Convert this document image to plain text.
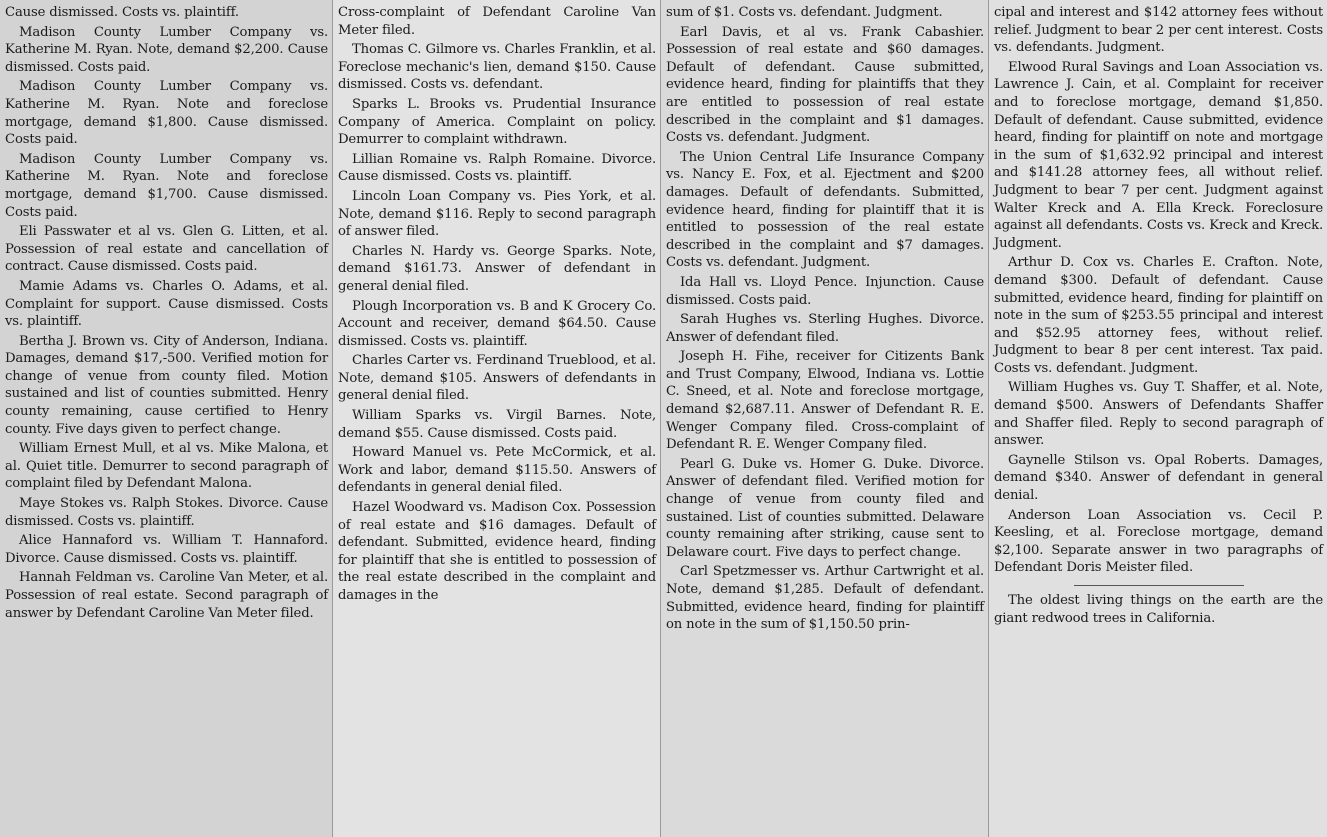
Cause dismissed. Costs vs. plaintiff.

Madison County Lumber Company vs. Katherine M. Ryan. Note, demand $2,200. Cause dismissed. Costs paid.

Madison County Lumber Company vs. Katherine M. Ryan. Note and foreclose mortgage, demand $1,800. Cause dismissed. Costs paid.

Madison County Lumber Company vs. Katherine M. Ryan. Note and foreclose mortgage, demand $1,700. Cause dismissed. Costs paid.

Eli Passwater et al vs. Glen G. Litten, et al. Possession of real estate and cancellation of contract. Cause dismissed. Costs paid.

Mamie Adams vs. Charles O. Adams, et al. Complaint for support. Cause dismissed. Costs vs. plaintiff.

Bertha J. Brown vs. City of Anderson, Indiana. Damages, demand $17,-500. Verified motion for change of venue from county filed. Motion sustained and list of counties submitted. Henry county remaining, cause certified to Henry county. Five days given to perfect change.

William Ernest Mull, et al vs. Mike Malona, et al. Quiet title. Demurrer to second paragraph of complaint filed by Defendant Malona.

Maye Stokes vs. Ralph Stokes. Divorce. Cause dismissed. Costs vs. plaintiff.

Alice Hannaford vs. William T. Hannaford. Divorce. Cause dismissed. Costs vs. plaintiff.

Hannah Feldman vs. Caroline Van Meter, et al. Possession of real estate. Second paragraph of answer by Defendant Caroline Van Meter filed.

Cross-complaint of Defendant Caroline Van Meter filed.

Thomas C. Gilmore vs. Charles Franklin, et al. Foreclose mechanic's lien, demand $150. Cause dismissed. Costs vs. defendant.

Sparks L. Brooks vs. Prudential Insurance Company of America. Complaint on policy. Demurrer to complaint withdrawn.

Lillian Romaine vs. Ralph Romaine. Divorce. Cause dismissed. Costs vs. plaintiff.

Lincoln Loan Company vs. Pies York, et al. Note, demand $116. Reply to second paragraph of answer filed.

Charles N. Hardy vs. George Sparks. Note, demand $161.73. Answer of defendant in general denial filed.

Plough Incorporation vs. B and K Grocery Co. Account and receiver, demand $64.50. Cause dismissed. Costs vs. plaintiff.

Charles Carter vs. Ferdinand Trueblood, et al. Note, demand $105. Answers of defendants in general denial filed.

William Sparks vs. Virgil Barnes. Note, demand $55. Cause dismissed. Costs paid.

Howard Manuel vs. Pete McCormick, et al. Work and labor, demand $115.50. Answers of defendants in general denial filed.

Hazel Woodward vs. Madison Cox. Possession of real estate and $16 damages. Default of defendant. Submitted, evidence heard, finding for plaintiff that she is entitled to possession of the real estate described in the complaint and damages in the

sum of $1. Costs vs. defendant. Judgment.

Earl Davis, et al vs. Frank Cabashier. Possession of real estate and $60 damages. Default of defendant. Cause submitted, evidence heard, finding for plaintiffs that they are entitled to possession of real estate described in the complaint and $1 damages. Costs vs. defendant. Judgment.

The Union Central Life Insurance Company vs. Nancy E. Fox, et al. Ejectment and $200 damages. Default of defendants. Submitted, evidence heard, finding for plaintiff that it is entitled to possession of the real estate described in the complaint and $7 damages. Costs vs. defendant. Judgment.

Ida Hall vs. Lloyd Pence. Injunction. Cause dismissed. Costs paid.

Sarah Hughes vs. Sterling Hughes. Divorce. Answer of defendant filed.

Joseph H. Fihe, receiver for Citizents Bank and Trust Company, Elwood, Indiana vs. Lottie C. Sneed, et al. Note and foreclose mortgage, demand $2,687.11. Answer of Defendant R. E. Wenger Company filed. Cross-complaint of Defendant R. E. Wenger Company filed.

Pearl G. Duke vs. Homer G. Duke. Divorce. Answer of defendant filed. Verified motion for change of venue from county filed and sustained. List of counties submitted. Delaware county remaining after striking, cause sent to Delaware court. Five days to perfect change.

Carl Spetzmesser vs. Arthur Cartwright et al. Note, demand $1,285. Default of defendant. Submitted, evidence heard, finding for plaintiff on note in the sum of $1,150.50 prin-

cipal and interest and $142 attorney fees without relief. Judgment to bear 2 per cent interest. Costs vs. defendants. Judgment.

Elwood Rural Savings and Loan Association vs. Lawrence J. Cain, et al. Complaint for receiver and to foreclose mortgage, demand $1,850. Default of defendant. Cause submitted, evidence heard, finding for plaintiff on note and mortgage in the sum of $1,632.92 principal and interest and $141.28 attorney fees, all without relief. Judgment to bear 7 per cent. Judgment against Walter Kreck and A. Ella Kreck. Foreclosure against all defendants. Costs vs. Kreck and Kreck. Judgment.

Arthur D. Cox vs. Charles E. Crafton. Note, demand $300. Default of defendant. Cause submitted, evidence heard, finding for plaintiff on note in the sum of $253.55 principal and interest and $52.95 attorney fees, without relief. Judgment to bear 8 per cent interest. Tax paid. Costs vs. defendant. Judgment.

William Hughes vs. Guy T. Shaffer, et al. Note, demand $500. Answers of Defendants Shaffer and Shaffer filed. Reply to second paragraph of answer.

Gaynelle Stilson vs. Opal Roberts. Damages, demand $340. Answer of defendant in general denial.

Anderson Loan Association vs. Cecil P. Keesling, et al. Foreclose mortgage, demand $2,100. Separate answer in two paragraphs of Defendant Doris Meister filed.

The oldest living things on the earth are the giant redwood trees in California.
